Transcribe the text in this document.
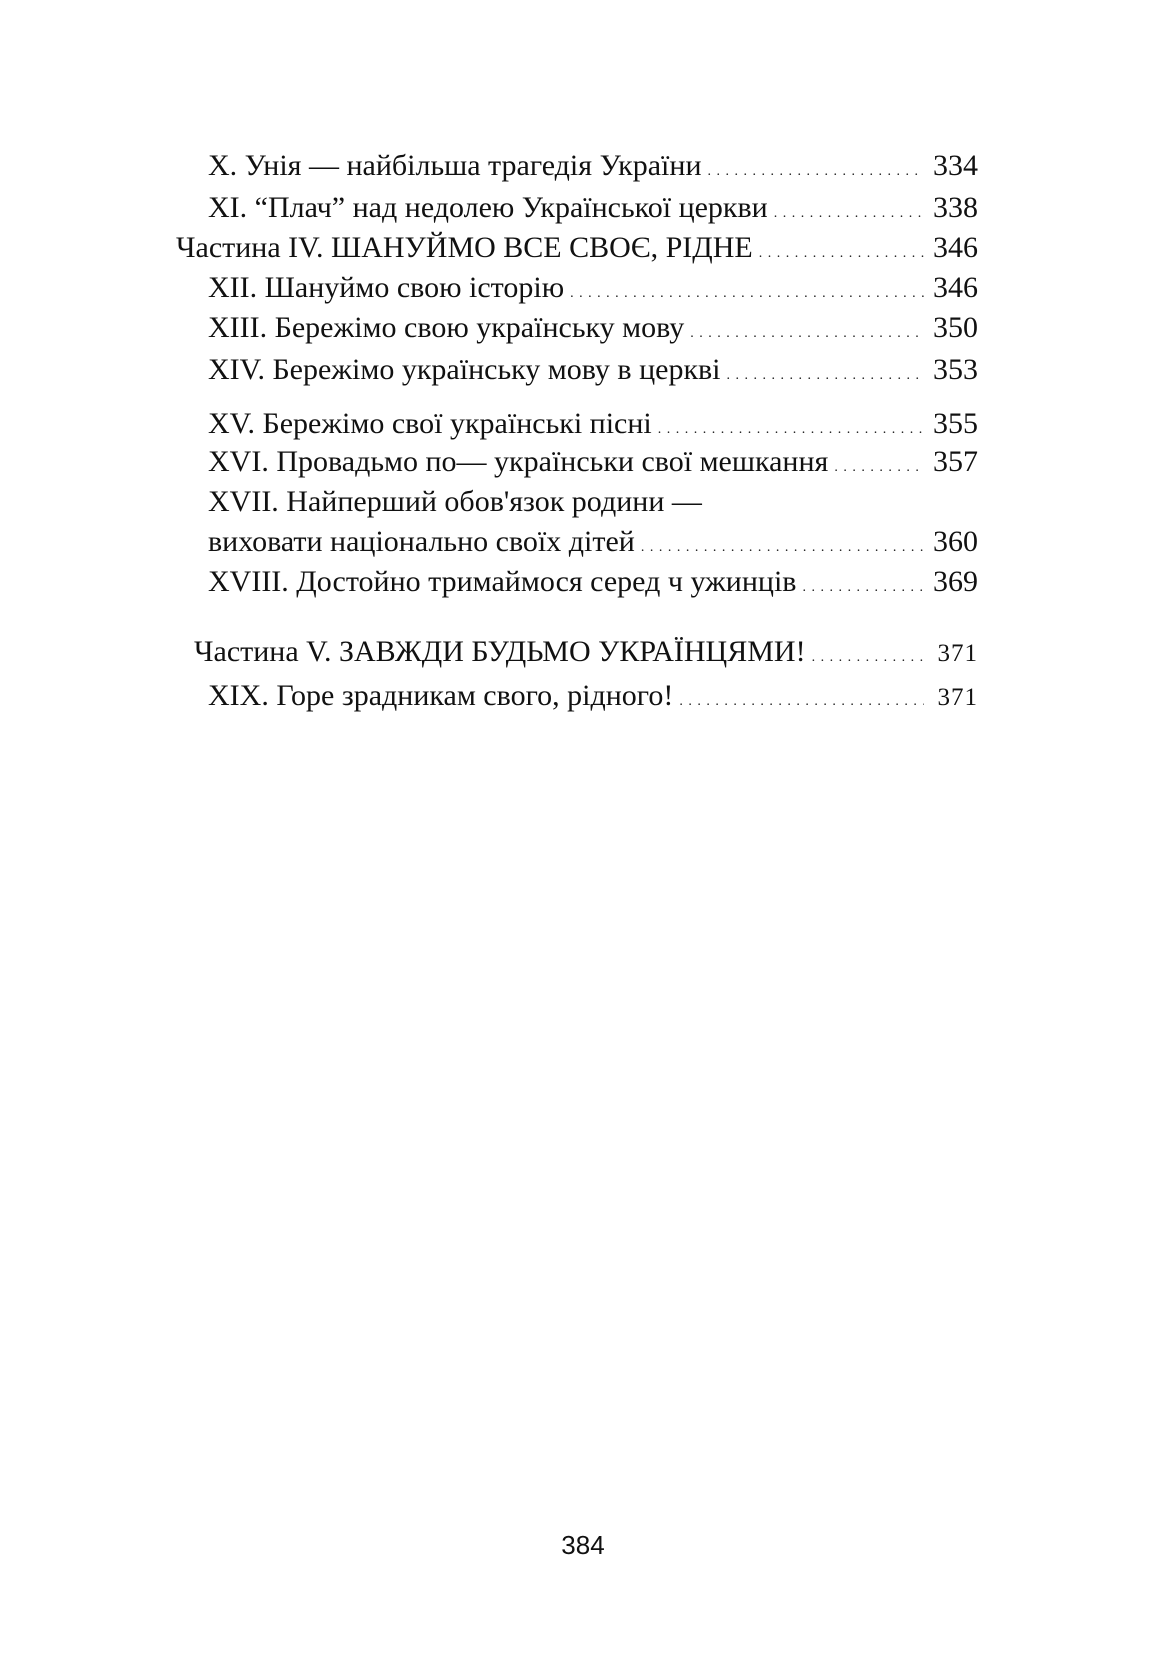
X. Унія — найбільша трагедія України . . .	334
XI. “Плач” над недолею Української церкви . . .	338
Частина IV. ШАНУЙМО ВСЕ СВОЄ, РІДНЕ . . .	346
XII. Шануймо свою історію . . .	346
XIII. Бережімо свою українську мову . . .	350
XIV. Бережімо українську мову в церкві . . .	353
XV. Бережімо свої українські пісні . . .	355
XVI. Провадьмо по— українськи свої мешкання . . .	357
XVII. Найперший обов'язок родини —
виховати національно своїх дітей . . .	360
XVIII. Достойно тримаймося серед ч ужинців . . .	369
Частина V. ЗАВЖДИ БУДЬМО УКРАЇНЦЯМИ! . . .	371
XIX. Горе зрадникам свого, рідного! . . .	371
384
